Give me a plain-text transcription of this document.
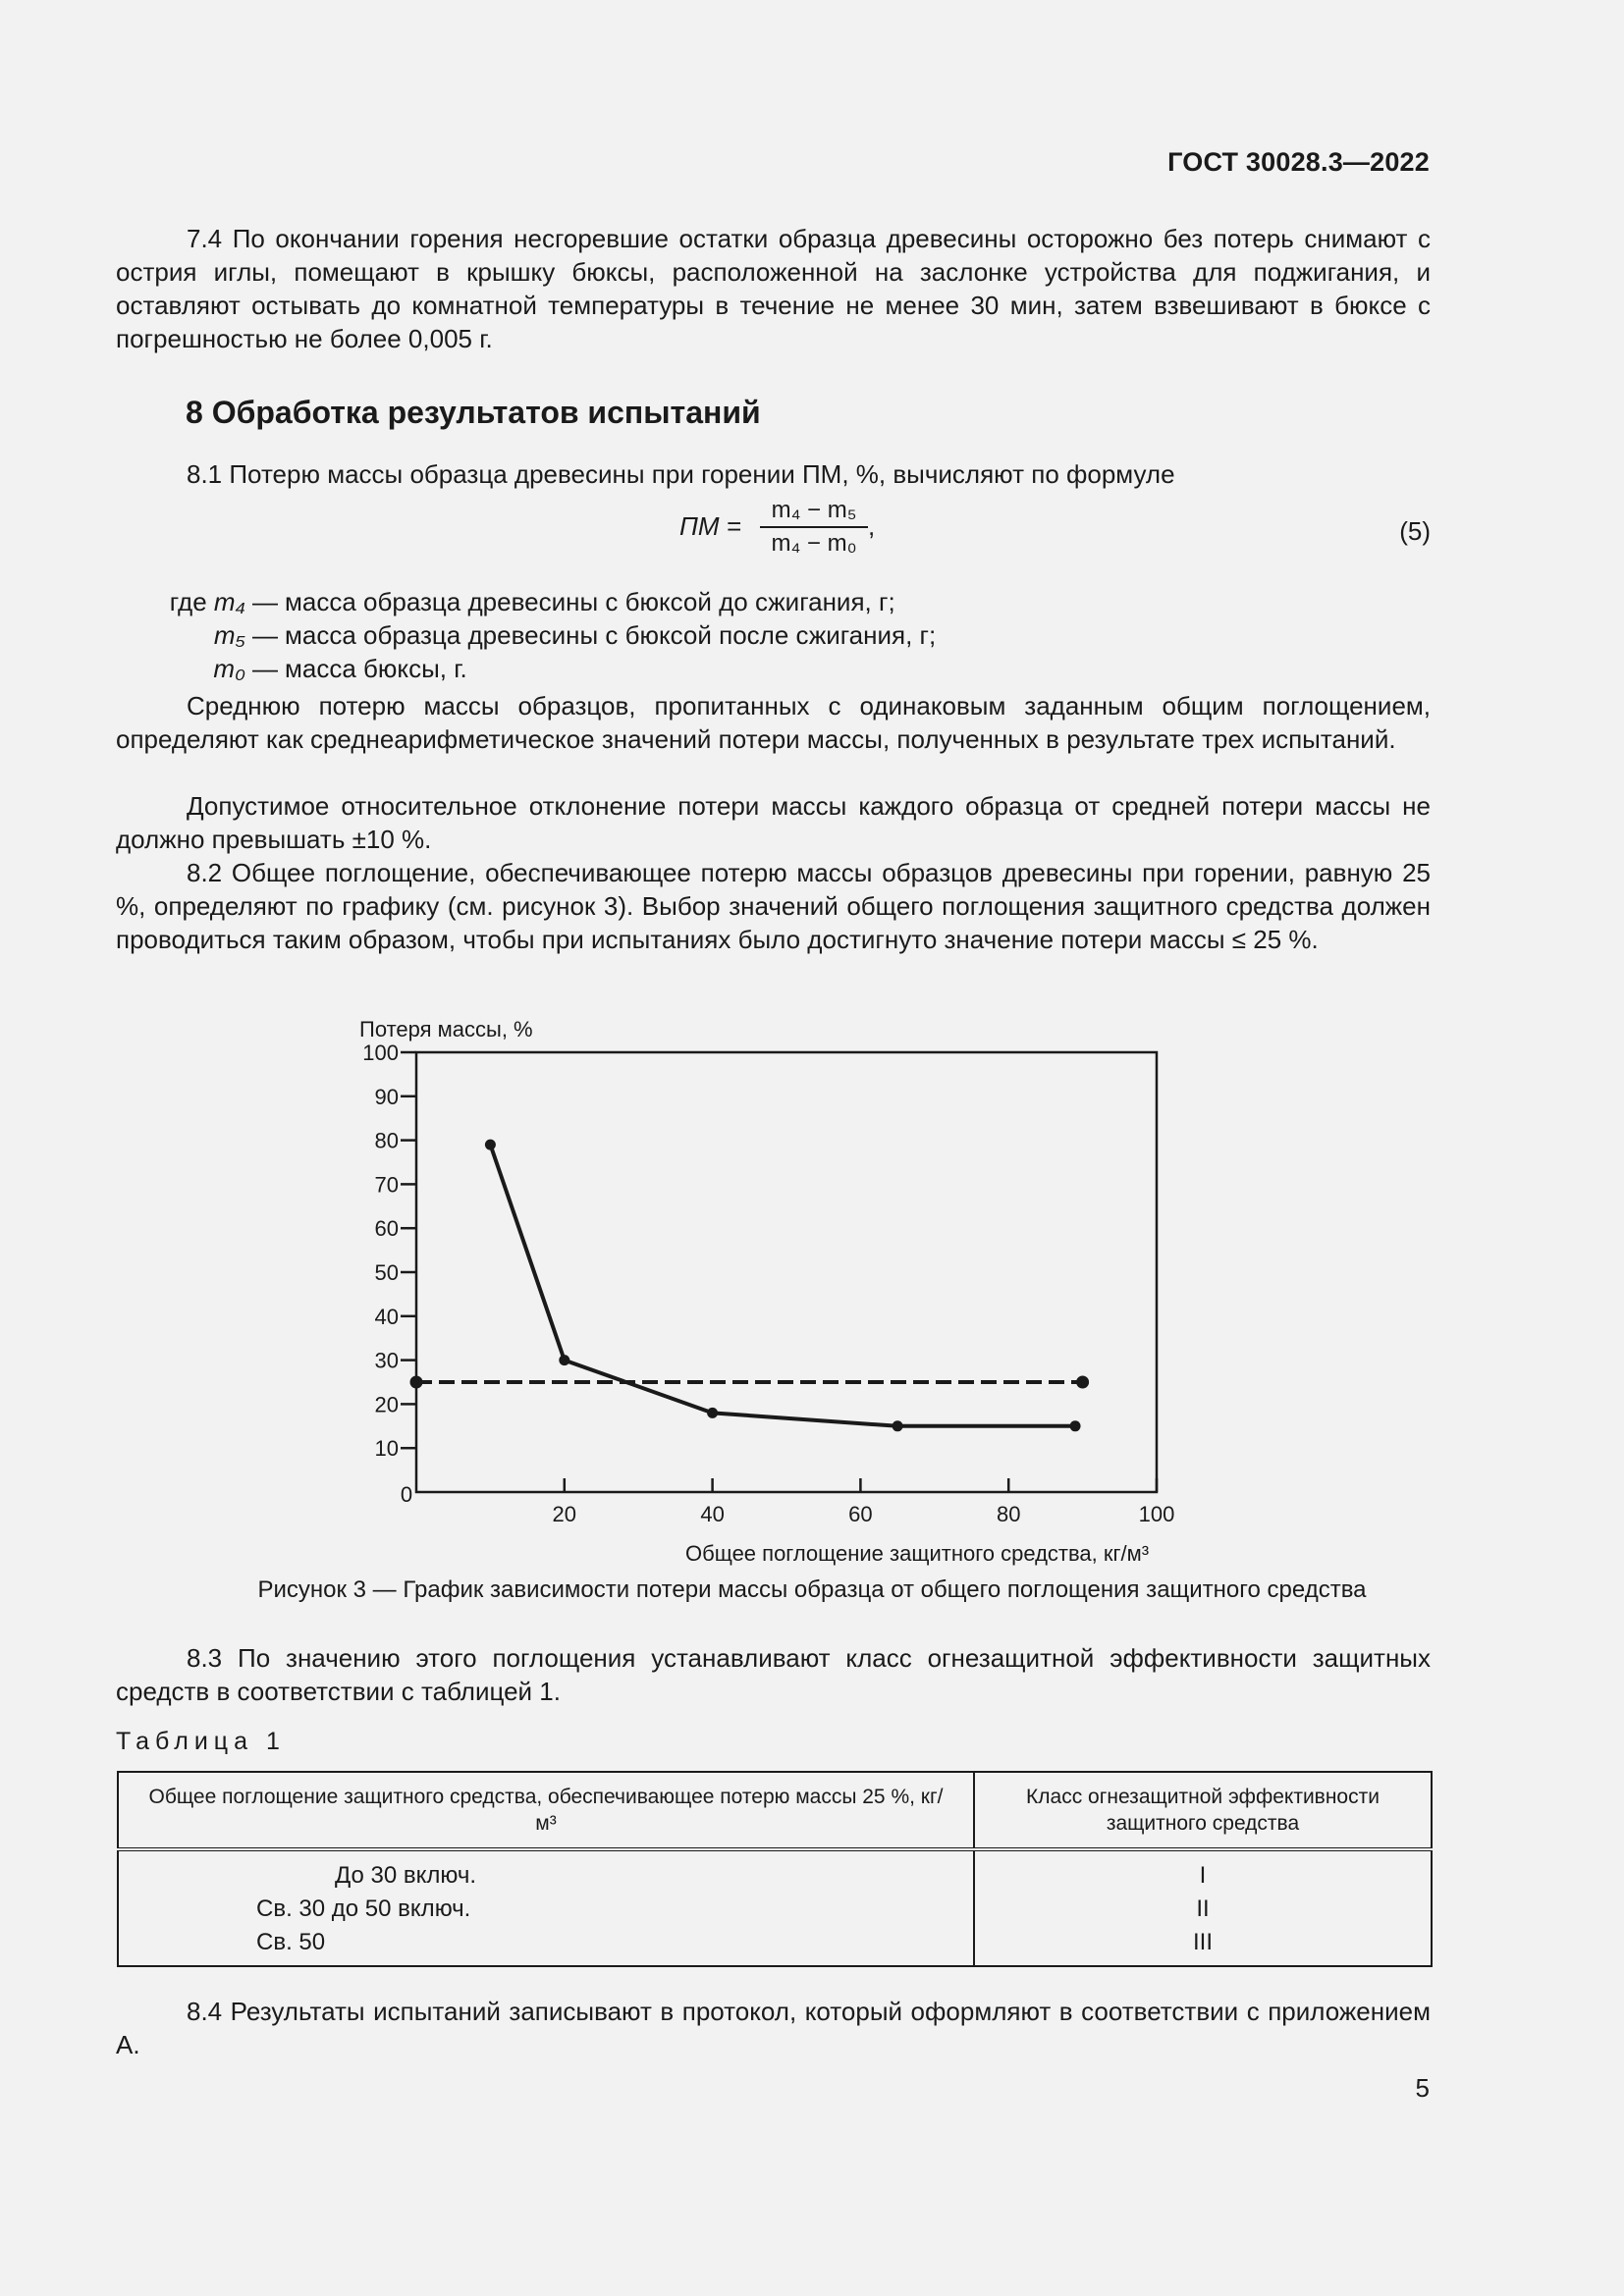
ГОСТ 30028.3—2022

7.4 По окончании горения несгоревшие остатки образца древесины осторожно без потерь снимают с острия иглы, помещают в крышку бюксы, расположенной на заслонке устройства для поджигания, и оставляют остывать до комнатной температуры в течение не менее 30 мин, затем взвешивают в бюксе с погрешностью не более 0,005 г.

8 Обработка результатов испытаний

8.1 Потерю массы образца древесины при горении ПМ, %, вычисляют по формуле

ПМ =
m₄ − m₅
m₄ − m₀
,	(5)
где m₄ — масса образца древесины с бюксой до сжигания, г;
m₅ — масса образца древесины с бюксой после сжигания, г;
m₀ — масса бюксы, г.

Среднюю потерю массы образцов, пропитанных с одинаковым заданным общим поглощением, определяют как среднеарифметическое значений потери массы, полученных в результате трех испытаний.

Допустимое относительное отклонение потери массы каждого образца от средней потери массы не должно превышать ±10 %.

8.2 Общее поглощение, обеспечивающее потерю массы образцов древесины при горении, равную 25 %, определяют по графику (см. рисунок 3). Выбор значений общего поглощения защитного средства должен проводиться таким образом, чтобы при испытаниях было достигнуто значение потери массы ≤ 25 %.

Потеря массы, %
Общее поглощение защитного средства, кг/м³
0
10
20
30
40
50
60
70
80
90
100
20	40	60	80	100
Рисунок 3 — График зависимости потери массы образца от общего поглощения защитного средства

8.3 По значению этого поглощения устанавливают класс огнезащитной эффективности защитных средств в соответствии с таблицей 1.

Таблица 1
Общее поглощение защитного средства, обеспечивающее потерю массы 25 %, кг/м³	Класс огнезащитной эффективности защитного средства
До 30 включ.	I
Св. 30 до 50 включ.	II
Св. 50	III

8.4 Результаты испытаний записывают в протокол, который оформляют в соответствии с приложением А.

5
